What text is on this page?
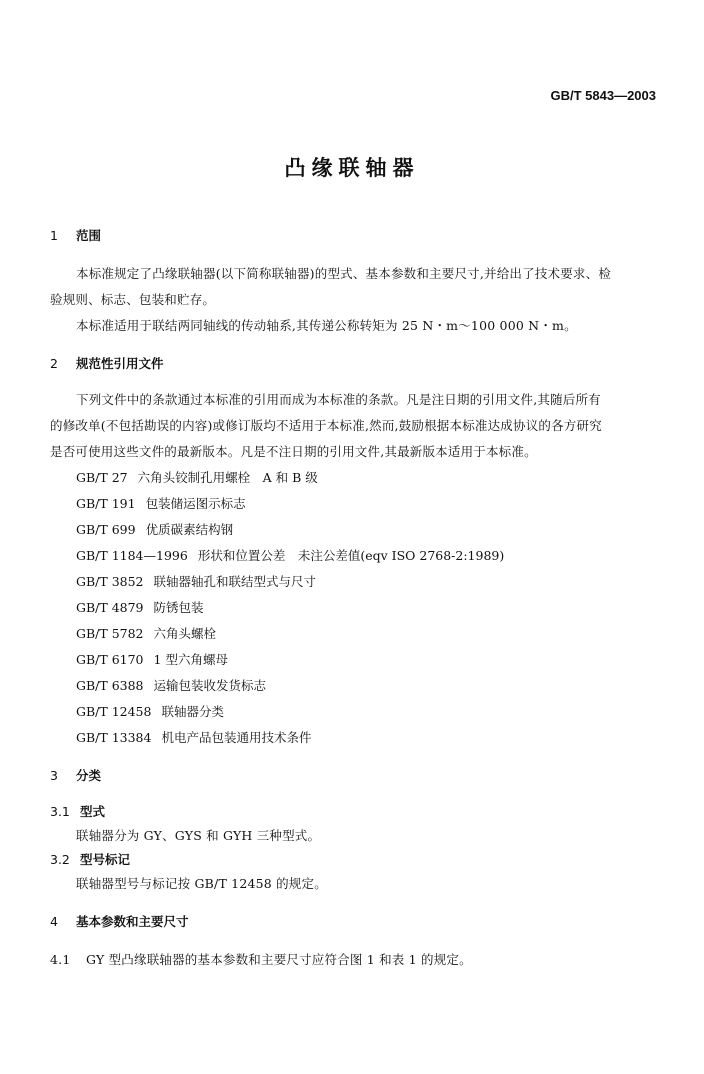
GB/T 5843—2003
凸缘联轴器
1 范围
本标准规定了凸缘联轴器(以下简称联轴器)的型式、基本参数和主要尺寸,并给出了技术要求、检
验规则、标志、包装和贮存。
本标准适用于联结两同轴线的传动轴系,其传递公称转矩为 25 N・m～100 000 N・m。
2 规范性引用文件
下列文件中的条款通过本标准的引用而成为本标准的条款。凡是注日期的引用文件,其随后所有
的修改单(不包括勘误的内容)或修订版均不适用于本标准,然而,鼓励根据本标准达成协议的各方研究
是否可使用这些文件的最新版本。凡是不注日期的引用文件,其最新版本适用于本标准。
GB/T 27 六角头铰制孔用螺栓　A 和 B 级
GB/T 191 包装储运图示标志
GB/T 699 优质碳素结构钢
GB/T 1184—1996 形状和位置公差　未注公差值(eqv ISO 2768-2:1989)
GB/T 3852 联轴器轴孔和联结型式与尺寸
GB/T 4879 防锈包装
GB/T 5782 六角头螺栓
GB/T 6170 1 型六角螺母
GB/T 6388 运输包装收发货标志
GB/T 12458 联轴器分类
GB/T 13384 机电产品包装通用技术条件
3 分类
3.1 型式
联轴器分为 GY、GYS 和 GYH 三种型式。
3.2 型号标记
联轴器型号与标记按 GB/T 12458 的规定。
4 基本参数和主要尺寸
4.1 GY 型凸缘联轴器的基本参数和主要尺寸应符合图 1 和表 1 的规定。
